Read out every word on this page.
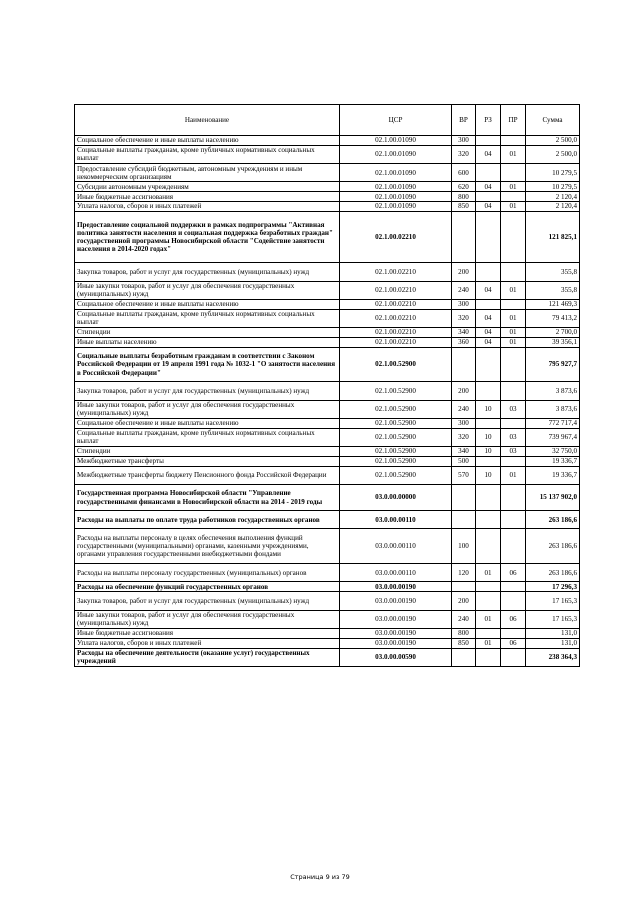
Наименование	ЦСР	ВР	РЗ	ПР	Сумма
Социальное обеспечение и иные выплаты населению	02.1.00.01090	300			2 500,0
Социальные выплаты гражданам, кроме публичных нормативных социальных выплат	02.1.00.01090	320	04	01	2 500,0
Предоставление субсидий бюджетным, автономным учреждениям и иным некоммерческим организациям	02.1.00.01090	600			10 279,5
Субсидии автономным учреждениям	02.1.00.01090	620	04	01	10 279,5
Иные бюджетные ассигнования	02.1.00.01090	800			2 120,4
Уплата налогов, сборов и иных платежей	02.1.00.01090	850	04	01	2 120,4
Предоставление социальной поддержки в рамках подпрограммы "Активная политика занятости населения и социальная поддержка безработных граждан" государственной программы Новосибирской области "Содействие занятости населения в 2014-2020 годах"	02.1.00.02210				121 825,1
Закупка товаров, работ и услуг для государственных (муниципальных) нужд	02.1.00.02210	200			355,8
Иные закупки товаров, работ и услуг для обеспечения государственных (муниципальных) нужд	02.1.00.02210	240	04	01	355,8
Социальное обеспечение и иные выплаты населению	02.1.00.02210	300			121 469,3
Социальные выплаты гражданам, кроме публичных нормативных социальных выплат	02.1.00.02210	320	04	01	79 413,2
Стипендии	02.1.00.02210	340	04	01	2 700,0
Иные выплаты населению	02.1.00.02210	360	04	01	39 356,1
Социальные выплаты безработным гражданам в соответствии с Законом Российской Федерации от 19 апреля 1991 года № 1032-1 "О занятости населения в Российской Федерации"	02.1.00.52900				795 927,7
Закупка товаров, работ и услуг для государственных (муниципальных) нужд	02.1.00.52900	200			3 873,6
Иные закупки товаров, работ и услуг для обеспечения государственных (муниципальных) нужд	02.1.00.52900	240	10	03	3 873,6
Социальное обеспечение и иные выплаты населению	02.1.00.52900	300			772 717,4
Социальные выплаты гражданам, кроме публичных нормативных социальных выплат	02.1.00.52900	320	10	03	739 967,4
Стипендии	02.1.00.52900	340	10	03	32 750,0
Межбюджетные трансферты	02.1.00.52900	500			19 336,7
Межбюджетные трансферты бюджету Пенсионного фонда Российской Федерации	02.1.00.52900	570	10	01	19 336,7
Государственная программа Новосибирской области "Управление государственными финансами в Новосибирской области на 2014 - 2019 годы	03.0.00.00000				15 137 902,0
Расходы на выплаты по оплате труда работников государственных органов	03.0.00.00110				263 186,6
Расходы на выплаты персоналу в целях обеспечения выполнения функций государственными (муниципальными) органами, казенными учреждениями, органами управления государственными внебюджетными фондами	03.0.00.00110	100			263 186,6
Расходы на выплаты персоналу государственных (муниципальных) органов	03.0.00.00110	120	01	06	263 186,6
Расходы на обеспечение функций государственных органов	03.0.00.00190				17 296,3
Закупка товаров, работ и услуг для государственных (муниципальных) нужд	03.0.00.00190	200			17 165,3
Иные закупки товаров, работ и услуг для обеспечения государственных (муниципальных) нужд	03.0.00.00190	240	01	06	17 165,3
Иные бюджетные ассигнования	03.0.00.00190	800			131,0
Уплата налогов, сборов и иных платежей	03.0.00.00190	850	01	06	131,0
Расходы на обеспечение деятельности (оказание услуг) государственных учреждений	03.0.00.00590				238 364,3
Страница 9 из 79
